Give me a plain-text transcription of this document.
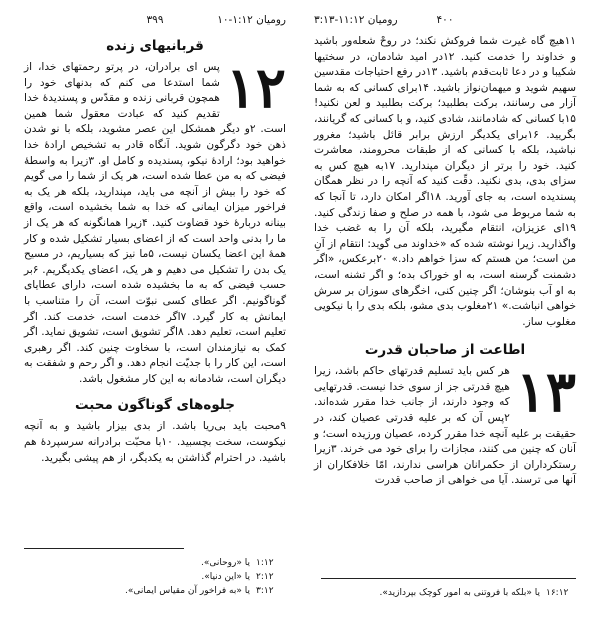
رومیان ۱:۱۲-۱۰
۳۹۹
قربانیهای زنده
۱۲

پس ای برادران، در پرتو رحمتهای خدا، از شما استدعا می کنم که بدنهای خود را همچون قربانی زنده و مقدّس و پسندیدهٔ خدا تقدیم کنید که عبادت معقول شما همین است. ۲و دیگر همشکل این عصر مشوید، بلکه با نو شدن ذهن خود دگرگون شوید. آنگاه قادر به تشخیص ارادهٔ خدا خواهید بود؛ ارادهٔ نیکو، پسندیده و کامل او. ۳زیرا به واسطهٔ فیضی که به من عطا شده است، هر یک از شما را می گویم که خود را بیش از آنچه می باید، مپندارید، بلکه هر یک به فراخور میزان ایمانی که خدا به شما بخشیده است، واقع بینانه دربارهٔ خود قضاوت کنید. ۴زیرا همانگونه که هر یک از ما را بدنی واحد است که از اعضای بسیار تشکیل شده و کار همهٔ این اعضا یکسان نیست، ۵ما نیز که بسیاریم، در مسیح یک بدن را تشکیل می دهیم و هر یک، اعضای یکدیگریم. ۶بر حسب فیضی که به ما بخشیده شده است، دارای عطایای گوناگونیم. اگر عطای کسی نبوّت است، آن را متناسب با ایمانش به کار گیرد. ۷اگر خدمت است، خدمت کند. اگر تعلیم است، تعلیم دهد. ۸اگر تشویق است، تشویق نماید. اگر کمک به نیازمندان است، با سخاوت چنین کند. اگر رهبری است، این کار را با جدیّت انجام دهد. و اگر رحم و شفقت به دیگران است، شادمانه به این کار مشغول باشد.

جلوه‌های گوناگون محبت

۹محبت باید بی‌ریا باشد. از بدی بیزار باشید و به آنچه نیکوست، سخت بچسبید. ۱۰با محبّت برادرانه سرسپردهٔ هم باشید. در احترام گذاشتن به یکدیگر، از هم پیشی بگیرید.

۱:۱۲
یا «روحانی».
۲:۱۲
یا «این دنیا».
۳:۱۲
یا «به فراخور آن مقیاس ایمانی».
۴۰۰
رومیان ۱۱:۱۲-۳:۱۳

۱۱هیچ گاه غیرت شما فروکش نکند؛ در روحْ شعله‌ور باشید و خداوند را خدمت کنید. ۱۲در امید شادمان، در سختیها شکیبا و در دعا ثابت‌قدم باشید. ۱۳در رفع احتیاجات مقدسین سهیم شوید و میهمان‌نواز باشید. ۱۴برای کسانی که به شما آزار می رسانند، برکت بطلبید؛ برکت بطلبید و لعن نکنید! ۱۵با کسانی که شادمانند، شادی کنید، و با کسانی که گریانند، بگریید. ۱۶برای یکدیگر ارزش برابر قائل باشید؛ مغرور نباشید، بلکه با کسانی که از طبقات محرومند، معاشرت کنید. خود را برتر از دیگران مپندارید. ۱۷به هیچ کس به سزای بدی، بدی نکنید. دقّت کنید که آنچه را در نظر همگان پسندیده است، به جای آورید. ۱۸اگر امکان دارد، تا آنجا که به شما مربوط می شود، با همه در صلح و صفا زندگی کنید. ۱۹ای عزیزان، انتقام مگیرید، بلکه آن را به غضب خدا واگذارید. زیرا نوشته شده که «خداوند می گوید: انتقام از آنِ من است؛ من هستم که سزا خواهم داد.» ۲۰برعکس، «اگر دشمنت گرسنه است، به او خوراک بده؛ و اگر تشنه است، به او آب بنوشان؛ اگر چنین کنی، اخگرهای سوزان بر سرش خواهی انباشت.» ۲۱مغلوب بدی مشو، بلکه بدی را با نیکویی مغلوب ساز.

اطاعت از صاحبان قدرت
۱۳

هر کس باید تسلیم قدرتهای حاکم باشد، زیرا هیچ قدرتی جز از سوی خدا نیست. قدرتهایی که وجود دارند، از جانب خدا مقرر شده‌اند. ۲پس آن که بر علیه قدرتی عصیان کند، در حقیقت بر علیه آنچه خدا مقرر کرده، عصیان ورزیده است؛ و آنان که چنین می کنند، مجازات را برای خود می خرند. ۳زیرا رستکرداران از حکمرانان هراسی ندارند، امّا خلافکاران از آنها می ترسند. آیا می خواهی از صاحب قدرت

۱۶:۱۲
یا «بلکه با فروتنی به امور کوچک بپردازید».
